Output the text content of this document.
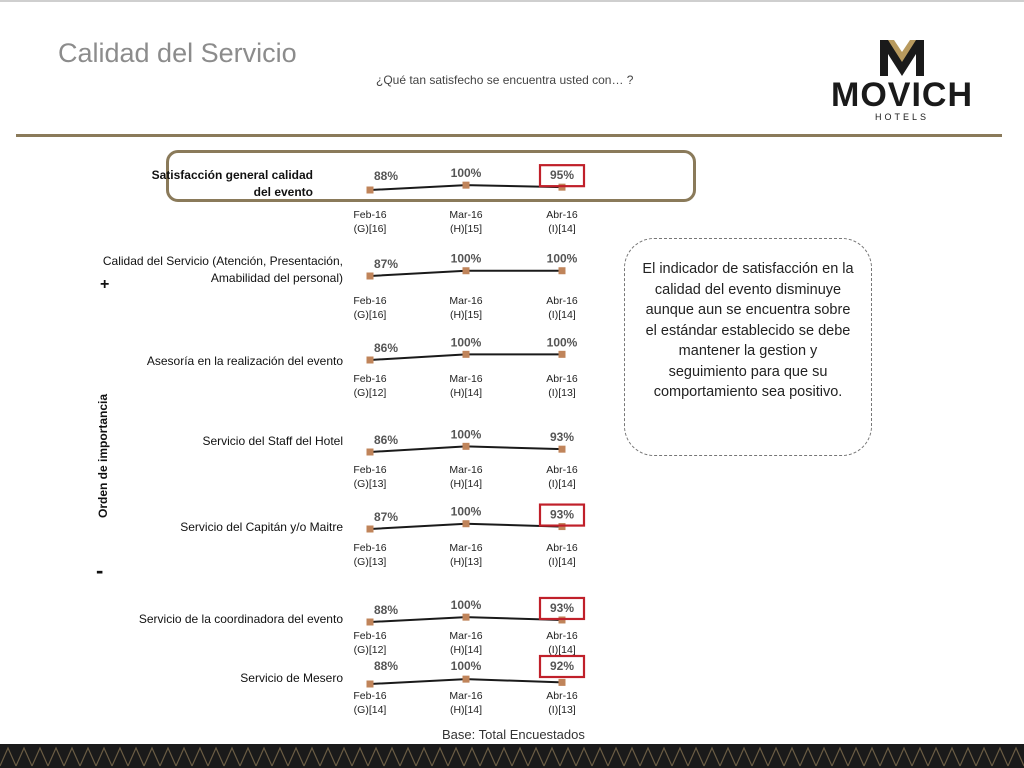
Calidad del Servicio
¿Qué tan satisfecho se encuentra usted con… ?	MOVICH
HOTELS
Satisfacción general calidad del evento
Calidad del Servicio (Atención, Presentación, Amabilidad del personal)
Asesoría en la realización del evento
Servicio del Staff del Hotel
Servicio del Capitán y/o Maitre
Servicio de la coordinadora del evento
Servicio de Mesero
Orden de importancia
+
-
88%
Feb-16
(G)[16]
100%
Mar-16
(H)[15]
95%
Abr-16
(I)[14]
87%
Feb-16
(G)[16]
100%
Mar-16
(H)[15]
100%
Abr-16
(I)[14]
86%
Feb-16
(G)[12]
100%
Mar-16
(H)[14]
100%
Abr-16
(I)[13]
86%
Feb-16
(G)[13]
100%
Mar-16
(H)[14]
93%
Abr-16
(I)[14]
87%
Feb-16
(G)[13]
100%
Mar-16
(H)[13]
93%
Abr-16
(I)[14]
88%
Feb-16
(G)[12]
100%
Mar-16
(H)[14]
93%
Abr-16
(I)[14]
88%
Feb-16
(G)[14]
100%
Mar-16
(H)[14]
92%
Abr-16
(I)[13]
El indicador de satisfacción en la calidad del evento disminuye aunque aun se encuentra sobre el estándar establecido se debe mantener la gestion y seguimiento para que su comportamiento sea positivo.
Base: Total Encuestados
